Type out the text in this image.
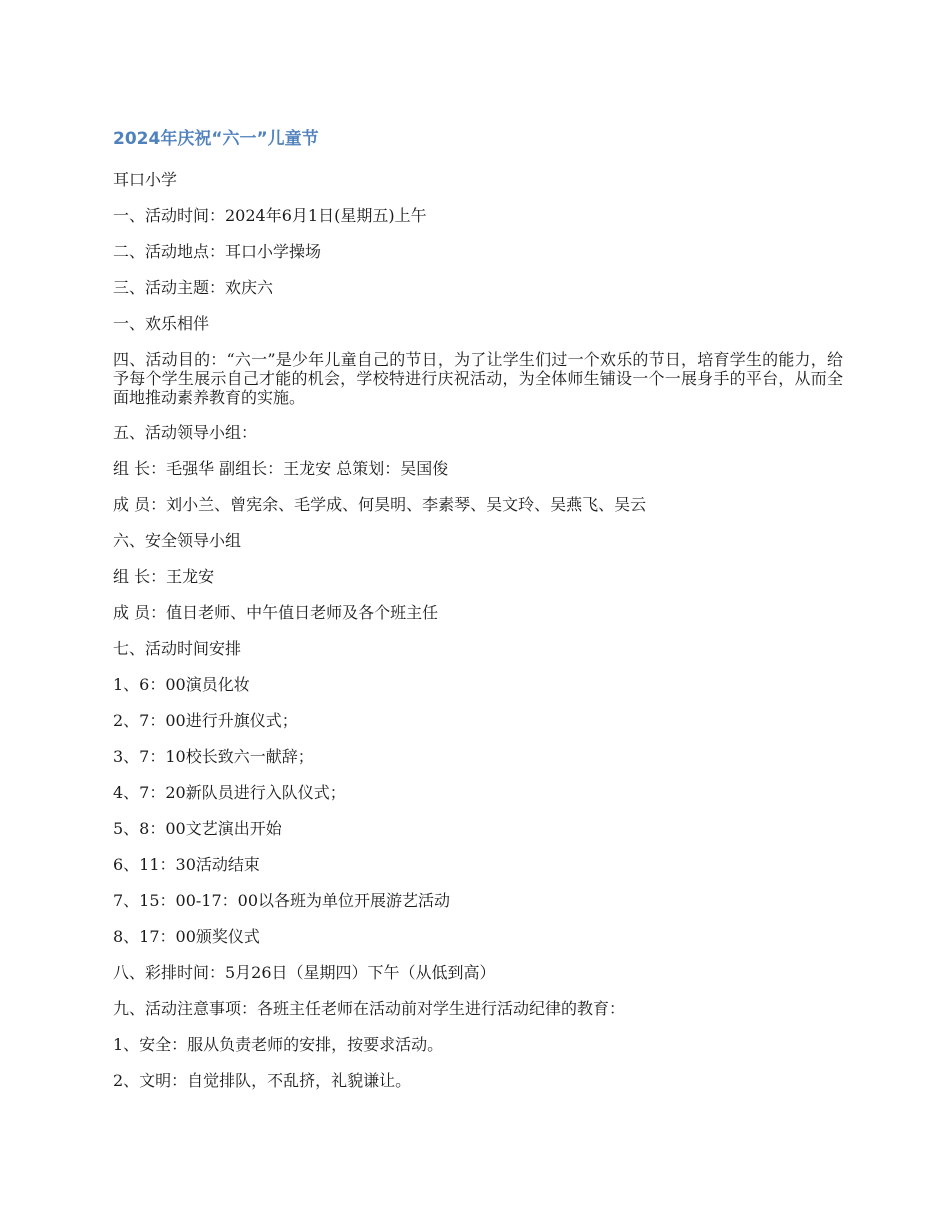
2024年庆祝“六一”儿童节
耳口小学
一、活动时间：2024年6月1日(星期五)上午
二、活动地点：耳口小学操场
三、活动主题：欢庆六
一、欢乐相伴
四、活动目的：“六一”是少年儿童自己的节日，为了让学生们过一个欢乐的节日，培育学生的能力，给予每个学生展示自己才能的机会，学校特进行庆祝活动，为全体师生铺设一个一展身手的平台，从而全面地推动素养教育的实施。
五、活动领导小组：
组 长：毛强华 副组长：王龙安 总策划：吴国俊
成 员：刘小兰、曾宪余、毛学成、何昊明、李素琴、吴文玲、吴燕飞、吴云
六、安全领导小组
组 长：王龙安
成 员：值日老师、中午值日老师及各个班主任
七、活动时间安排
1、6：00演员化妆
2、7：00进行升旗仪式；
3、7：10校长致六一献辞；
4、7：20新队员进行入队仪式；
5、8：00文艺演出开始
6、11：30活动结束
7、15：00-17：00以各班为单位开展游艺活动
8、17：00颁奖仪式
八、彩排时间：5月26日（星期四）下午（从低到高）
九、活动注意事项：各班主任老师在活动前对学生进行活动纪律的教育：
1、安全：服从负责老师的安排，按要求活动。
2、文明：自觉排队，不乱挤，礼貌谦让。
